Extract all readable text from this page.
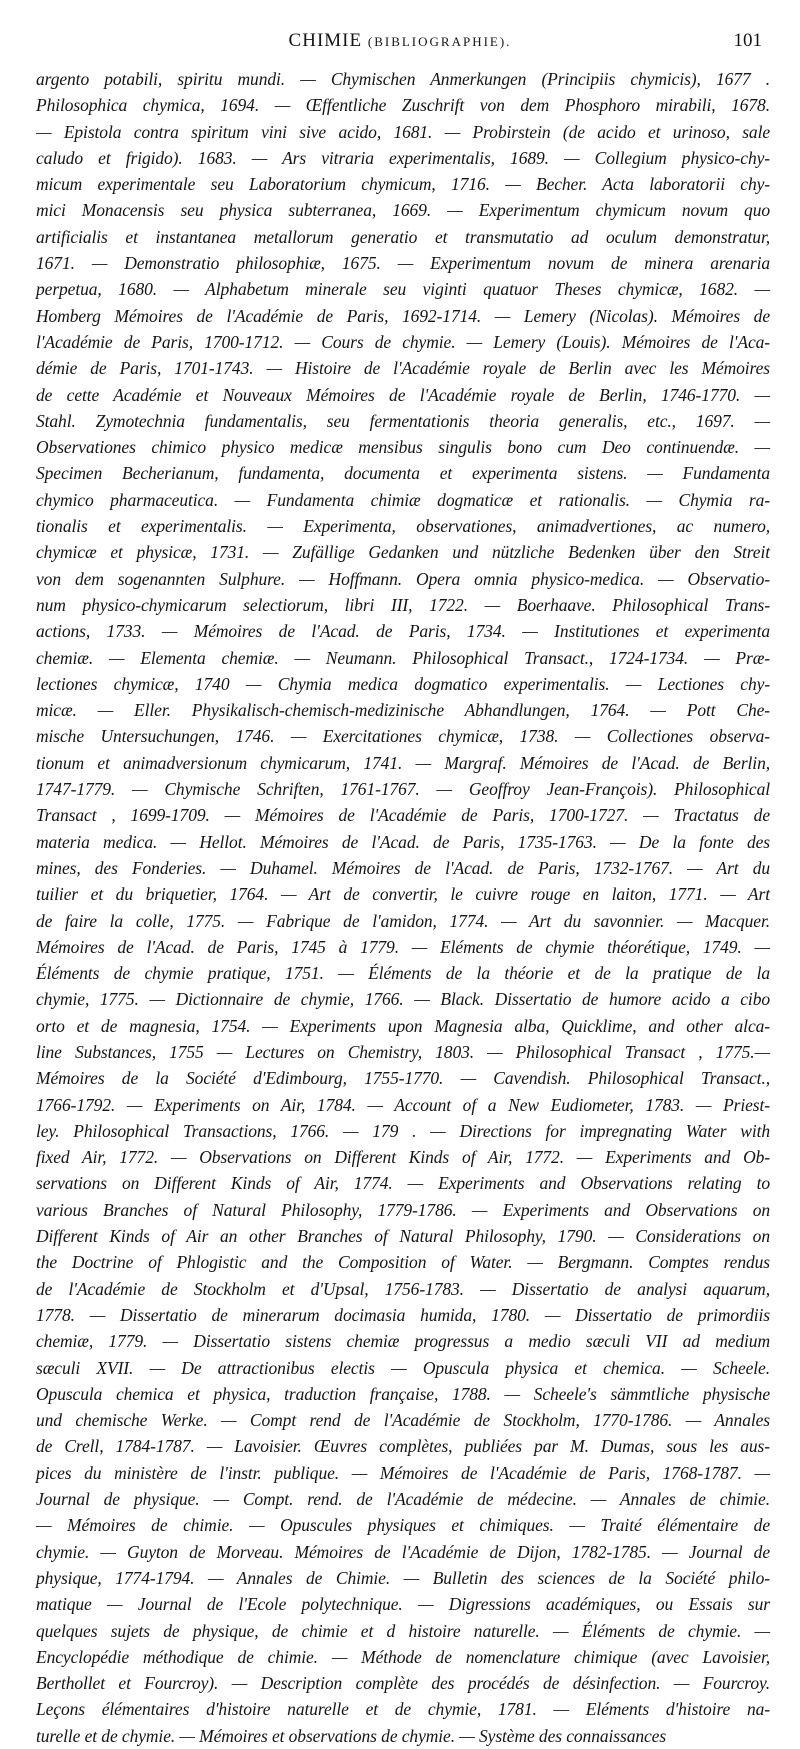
CHIMIE (BIBLIOGRAPHIE).	101
argento potabili, spiritu mundi. — Chymischen Anmerkungen (Principiis chymicis), 1677 .
Philosophica chymica, 1694. — Œffentliche Zuschrift von dem Phosphoro mirabili, 1678.
— Epistola contra spiritum vini sive acido, 1681. — Probirstein (de acido et urinoso, sale
caludo et frigido). 1683. — Ars vitraria experimentalis, 1689. — Collegium physico-chy-
micum experimentale seu Laboratorium chymicum, 1716. — Becher. Acta laboratorii chy-
mici Monacensis seu physica subterranea, 1669. — Experimentum chymicum novum quo
artificialis et instantanea metallorum generatio et transmutatio ad oculum demonstratur,
1671. — Demonstratio philosophiæ, 1675. — Experimentum novum de minera arenaria
perpetua, 1680. — Alphabetum minerale seu viginti quatuor Theses chymicæ, 1682. —
Homberg Mémoires de l'Académie de Paris, 1692-1714. — Lemery (Nicolas). Mémoires de
l'Académie de Paris, 1700-1712. — Cours de chymie. — Lemery (Louis). Mémoires de l'Aca-
démie de Paris, 1701-1743. — Histoire de l'Académie royale de Berlin avec les Mémoires
de cette Académie et Nouveaux Mémoires de l'Académie royale de Berlin, 1746-1770. —
Stahl. Zymotechnia fundamentalis, seu fermentationis theoria generalis, etc., 1697. —
Observationes chimico physico medicæ mensibus singulis bono cum Deo continuendæ. —
Specimen Becherianum, fundamenta, documenta et experimenta sistens. — Fundamenta
chymico pharmaceutica. — Fundamenta chimiæ dogmaticæ et rationalis. — Chymia ra-
tionalis et experimentalis. — Experimenta, observationes, animadvertiones, ac numero,
chymicæ et physicæ, 1731. — Zufällige Gedanken und nützliche Bedenken über den Streit
von dem sogenannten Sulphure. — Hoffmann. Opera omnia physico-medica. — Observatio-
num physico-chymicarum selectiorum, libri III, 1722. — Boerhaave. Philosophical Trans-
actions, 1733. — Mémoires de l'Acad. de Paris, 1734. — Institutiones et experimenta
chemiæ. — Elementa chemiæ. — Neumann. Philosophical Transact., 1724-1734. — Præ-
lectiones chymicæ, 1740 — Chymia medica dogmatico experimentalis. — Lectiones chy-
micæ. — Eller. Physikalisch-chemisch-medizinische Abhandlungen, 1764. — Pott Che-
mische Untersuchungen, 1746. — Exercitationes chymicæ, 1738. — Collectiones observa-
tionum et animadversionum chymicarum, 1741. — Margraf. Mémoires de l'Acad. de Berlin,
1747-1779. — Chymische Schriften, 1761-1767. — Geoffroy Jean-François). Philosophical
Transact , 1699-1709. — Mémoires de l'Académie de Paris, 1700-1727. — Tractatus de
materia medica. — Hellot. Mémoires de l'Acad. de Paris, 1735-1763. — De la fonte des
mines, des Fonderies. — Duhamel. Mémoires de l'Acad. de Paris, 1732-1767. — Art du
tuilier et du briquetier, 1764. — Art de convertir, le cuivre rouge en laiton, 1771. — Art
de faire la colle, 1775. — Fabrique de l'amidon, 1774. — Art du savonnier. — Macquer.
Mémoires de l'Acad. de Paris, 1745 à 1779. — Eléments de chymie théorétique, 1749. —
Éléments de chymie pratique, 1751. — Éléments de la théorie et de la pratique de la
chymie, 1775. — Dictionnaire de chymie, 1766. — Black. Dissertatio de humore acido a cibo
orto et de magnesia, 1754. — Experiments upon Magnesia alba, Quicklime, and other alca-
line Substances, 1755 — Lectures on Chemistry, 1803. — Philosophical Transact , 1775.—
Mémoires de la Société d'Edimbourg, 1755-1770. — Cavendish. Philosophical Transact.,
1766-1792. — Experiments on Air, 1784. — Account of a New Eudiometer, 1783. — Priest-
ley. Philosophical Transactions, 1766. — 179 . — Directions for impregnating Water with
fixed Air, 1772. — Observations on Different Kinds of Air, 1772. — Experiments and Ob-
servations on Different Kinds of Air, 1774. — Experiments and Observations relating to
various Branches of Natural Philosophy, 1779-1786. — Experiments and Observations on
Different Kinds of Air an other Branches of Natural Philosophy, 1790. — Considerations on
the Doctrine of Phlogistic and the Composition of Water. — Bergmann. Comptes rendus
de l'Académie de Stockholm et d'Upsal, 1756-1783. — Dissertatio de analysi aquarum,
1778. — Dissertatio de minerarum docimasia humida, 1780. — Dissertatio de primordiis
chemiæ, 1779. — Dissertatio sistens chemiæ progressus a medio sæculi VII ad medium
sæculi XVII. — De attractionibus electis — Opuscula physica et chemica. — Scheele.
Opuscula chemica et physica, traduction française, 1788. — Scheele's sämmtliche physische
und chemische Werke. — Compt rend de l'Académie de Stockholm, 1770-1786. — Annales
de Crell, 1784-1787. — Lavoisier. Œuvres complètes, publiées par M. Dumas, sous les aus-
pices du ministère de l'instr. publique. — Mémoires de l'Académie de Paris, 1768-1787. —
Journal de physique. — Compt. rend. de l'Académie de médecine. — Annales de chimie.
— Mémoires de chimie. — Opuscules physiques et chimiques. — Traité élémentaire de
chymie. — Guyton de Morveau. Mémoires de l'Académie de Dijon, 1782-1785. — Journal de
physique, 1774-1794. — Annales de Chimie. — Bulletin des sciences de la Société philo-
matique — Journal de l'Ecole polytechnique. — Digressions académiques, ou Essais sur
quelques sujets de physique, de chimie et d histoire naturelle. — Éléments de chymie. —
Encyclopédie méthodique de chimie. — Méthode de nomenclature chimique (avec Lavoisier,
Berthollet et Fourcroy). — Description complète des procédés de désinfection. — Fourcroy.
Leçons élémentaires d'histoire naturelle et de chymie, 1781. — Eléments d'histoire na-
turelle et de chymie. — Mémoires et observations de chymie. — Système des connaissances
